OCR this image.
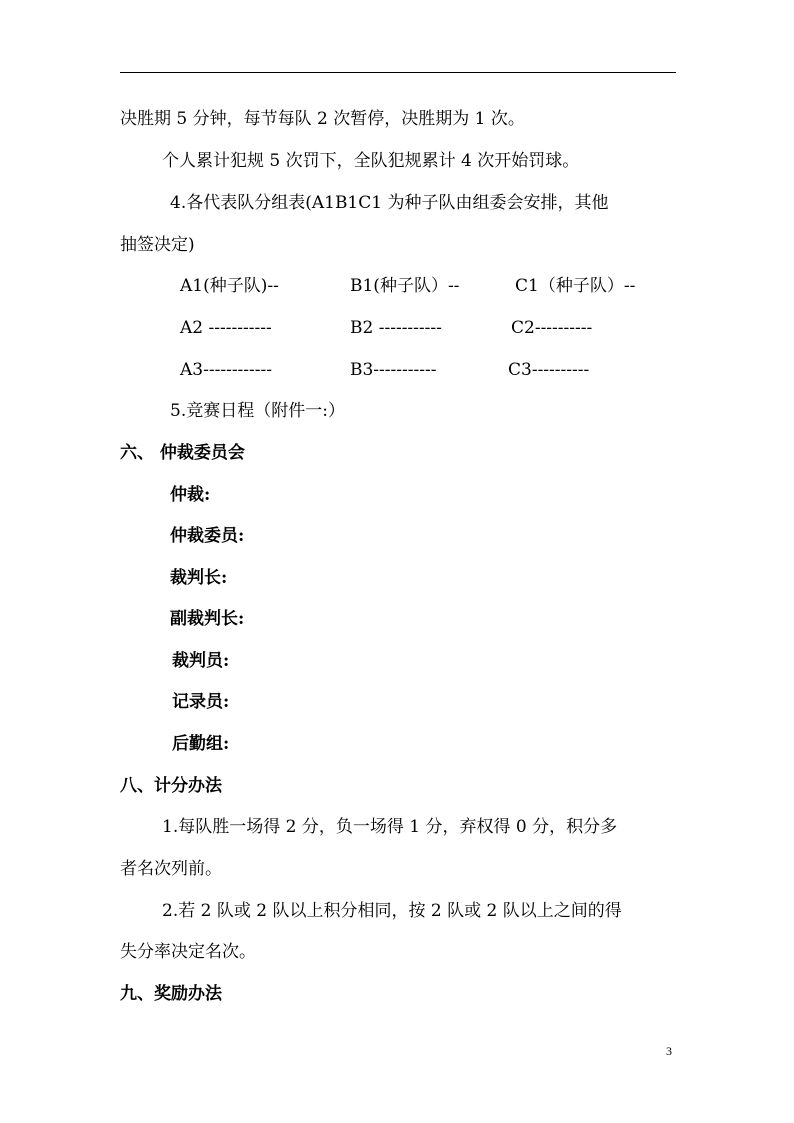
决胜期 5 分钟，每节每队 2 次暂停，决胜期为 1 次。
个人累计犯规 5 次罚下，全队犯规累计 4 次开始罚球。
4.各代表队分组表(A1B1C1 为种子队由组委会安排，其他
抽签决定)
A1(种子队)--	B1(种子队）--	C1（种子队）--
A2 -----------	B2 -----------	C2----------
A3------------	B3-----------	C3----------
5.竞赛日程（附件一:）
六、 仲裁委员会
仲裁:
仲裁委员:
裁判长:
副裁判长:
裁判员:
记录员:
后勤组:
八、计分办法
1.每队胜一场得 2 分，负一场得 1 分，弃权得 0 分，积分多
者名次列前。
2.若 2 队或 2 队以上积分相同，按 2 队或 2 队以上之间的得
失分率决定名次。
九、奖励办法
3
